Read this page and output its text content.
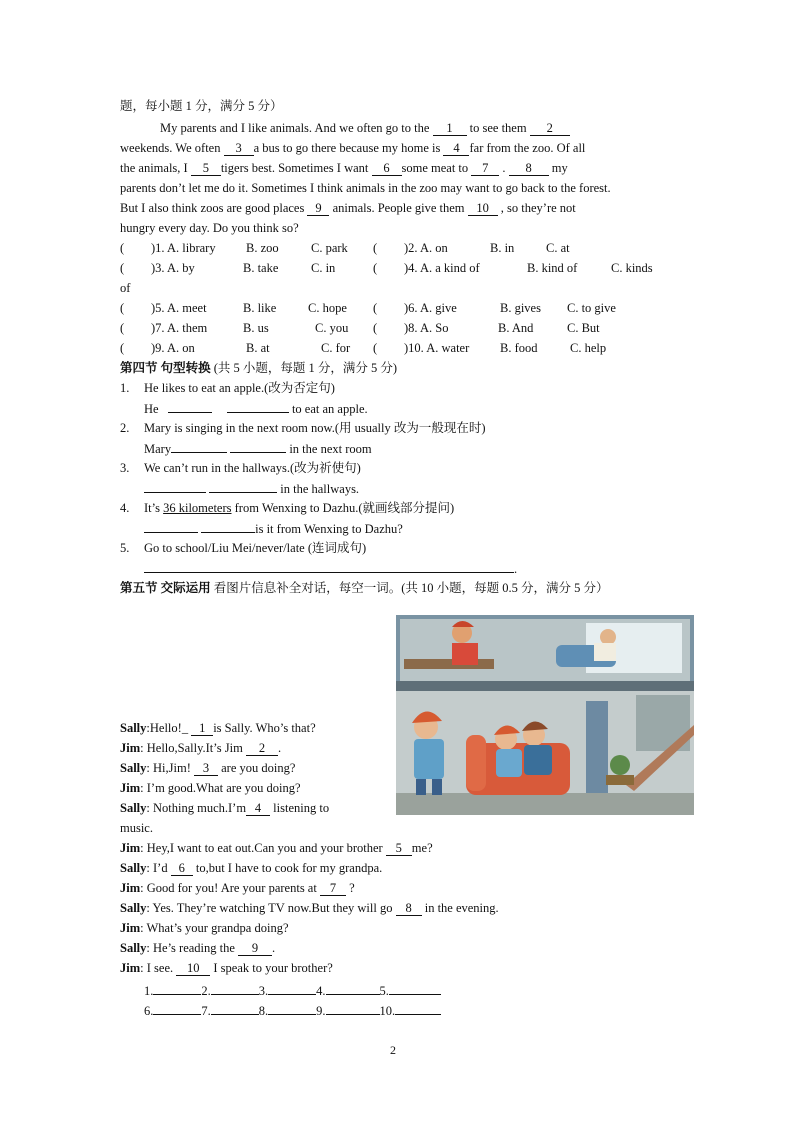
题，每小题 1 分，满分 5 分）
My parents and I like animals. And we often go to the 1 to see them 2
weekends. We often 3 a bus to go there because my home is 4 far from the zoo. Of all
the animals, I 5 tigers best. Sometimes I want 6 some meat to 7 . 8 my
parents don’t let me do it. Sometimes I think animals in the zoo may want to go back to the forest.
But I also think zoos are good places 9 animals. People give them 10 , so they’re not
hungry every day. Do you think so?
( )1. A. library B. zoo	C. park ( )2. A. on	B. in	C. at
( )3. A. by	B. take	C. in	( )4. A. a kind of	B. kind of	C. kinds
of
( )5. A. meet	B. like	C. hope ( )6. A. give	B. gives C. to give
( )7. A. them	B. us	C. you ( )8. A. So	B. And	C. But
( )9. A. on	B. at	C. for ( )10. A. water B. food	C. help
第四节 句型转换 (共 5 小题，每题 1 分，满分 5 分)
1. He likes to eat an apple.(改为否定句)
He	to eat an apple.
2. Mary is singing in the next room now.(用 usually 改为一般现在时)
Mary	in the next room
3. We can’t run in the hallways.(改为祈使句)
in the hallways.
4. It’s 36 kilometers from Wenxing to Dazhu.(就画线部分提问)
is it from Wenxing to Dazhu?
5. Go to school/Liu Mei/never/late (连词成句)
.
第五节 交际运用 看图片信息补全对话，每空一词。(共 10 小题，每题 0.5 分，满分 5 分）
Sally:Hello!_ 1 is Sally. Who’s that?
Jim: Hello,Sally.It’s Jim 2 .
Sally: Hi,Jim! 3 are you doing?
Jim: I’m good.What are you doing?
Sally: Nothing much.I’m 4 listening to
music.
Jim: Hey,I want to eat out.Can you and your brother 5 me?
Sally: I’d 6 to,but I have to cook for my grandpa.
Jim: Good for you! Are your parents at 7 ?
Sally: Yes. They’re watching TV now.But they will go 8 in the evening.
Jim: What’s your grandpa doing?
Sally: He’s reading the 9 .
Jim: I see. 10 I speak to your brother?
1.	2.	3.	4.	5.
6.	7.	8.	9.	10.
2
